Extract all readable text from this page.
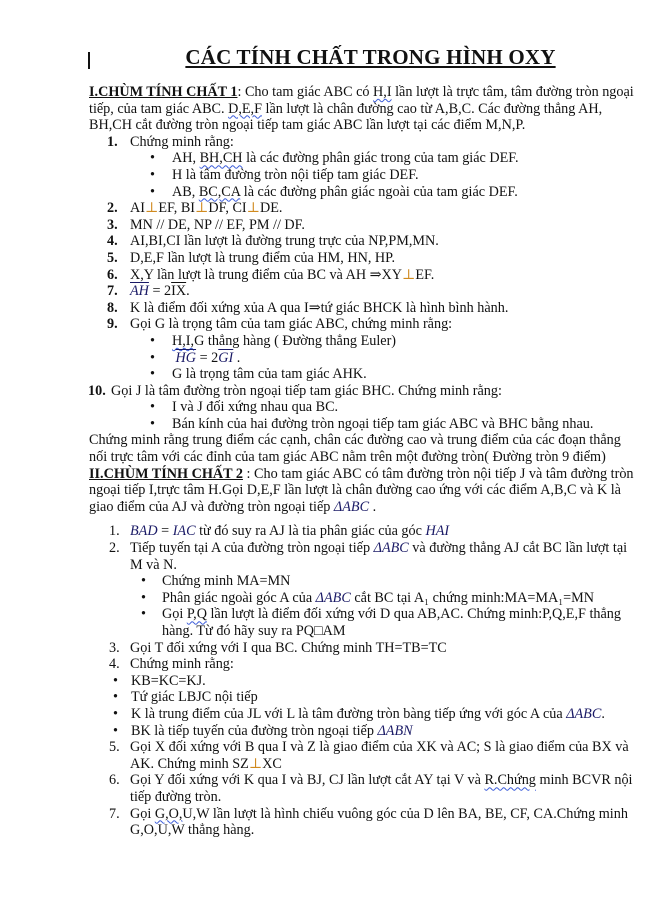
CÁC TÍNH CHẤT TRONG HÌNH OXY

I.CHÙM TÍNH CHẤT 1: Cho tam giác ABC có H,I lần lượt là trực tâm, tâm đường tròn ngoại tiếp, của tam giác ABC. D,E,F lần lượt là chân đường cao từ A,B,C. Các đường thẳng AH, BH,CH cắt đường tròn ngoại tiếp tam giác ABC lần lượt tại các điểm M,N,P.

1. Chứng minh rằng:
• AH, BH,CH là các đường phân giác trong của tam giác DEF.
• H là tâm đường tròn nội tiếp tam giác DEF.
• AB, BC,CA là các đường phân giác ngoài của tam giác DEF.
2. AI⊥EF, BI⊥DF, CI⊥DE.
3. MN // DE, NP // EF, PM // DF.
4. AI,BI,CI lần lượt là đường trung trực của NP,PM,MN.
5. D,E,F lần lượt là trung điểm của HM, HN, HP.
6. X,Y lần lượt là trung điểm của BC và AH ⇒XY⊥EF.
7. $\overline{AH} = 2\overline{IX}$.
8. K là điểm đối xứng xủa A qua I⇒tứ giác BHCK là hình bình hành.
9. Gọi G là trọng tâm của tam giác ABC, chứng minh rằng:
• H,I,G thẳng hàng ( Đường thẳng Euler)
• $\overline{HG} = 2\overline{GI}$ .
• G là trọng tâm của tam giác AHK.
10. Gọi J là tâm đường tròn ngoại tiếp tam giác BHC. Chứng minh rằng:
• I và J đối xứng nhau qua BC.
• Bán kính của hai đường tròn ngoại tiếp tam giác ABC và BHC bằng nhau.

Chứng minh rằng trung điểm các cạnh, chân các đường cao và trung điểm của các đoạn thẳng nối trực tâm với các đỉnh của tam giác ABC nằm trên một đường tròn( Đường tròn 9 điểm)

II.CHÙM TÍNH CHẤT 2 : Cho tam giác ABC có tâm đường tròn nội tiếp J và tâm đường tròn ngoại tiếp I,trực tâm H.Gọi D,E,F lần lượt là chân đường cao ứng với các điểm A,B,C và K là giao điểm của AJ và đường tròn ngoại tiếp ΔABC .

1. BAD = IAC từ đó suy ra AJ là tia phân giác của góc HAI
2. Tiếp tuyến tại A của đường tròn ngoại tiếp ΔABC và đường thẳng AJ cắt BC lần lượt tại M và N.
• Chứng minh MA=MN
• Phân giác ngoài góc A của ΔABC cắt BC tại A₁ chứng minh:MA=MA₁=MN
• Gọi P,Q lần lượt là điểm đối xứng với D qua AB,AC. Chứng minh:P,Q,E,F thẳng hàng. Từ đó hãy suy ra PQ□AM
3. Gọi T đối xứng với I qua BC. Chứng minh TH=TB=TC
4. Chứng minh rằng:
• KB=KC=KJ.
• Tứ giác LBJC nội tiếp
• K là trung điểm của JL với L là tâm đường tròn bàng tiếp ứng với góc A của ΔABC.
• BK là tiếp tuyến của đường tròn ngoại tiếp ΔABN
5. Gọi X đối xứng với B qua I và Z là giao điểm của XK và AC; S là giao điểm của BX và AK. Chứng minh SZ⊥XC
6. Gọi Y đối xứng với K qua I và BJ, CJ lần lượt cắt AY tại V và R.Chứng minh BCVR nội tiếp đường tròn.
7. Gọi G,O,U,W lần lượt là hình chiếu vuông góc của D lên BA, BE, CF, CA.Chứng minh G,O,U,W thẳng hàng.
